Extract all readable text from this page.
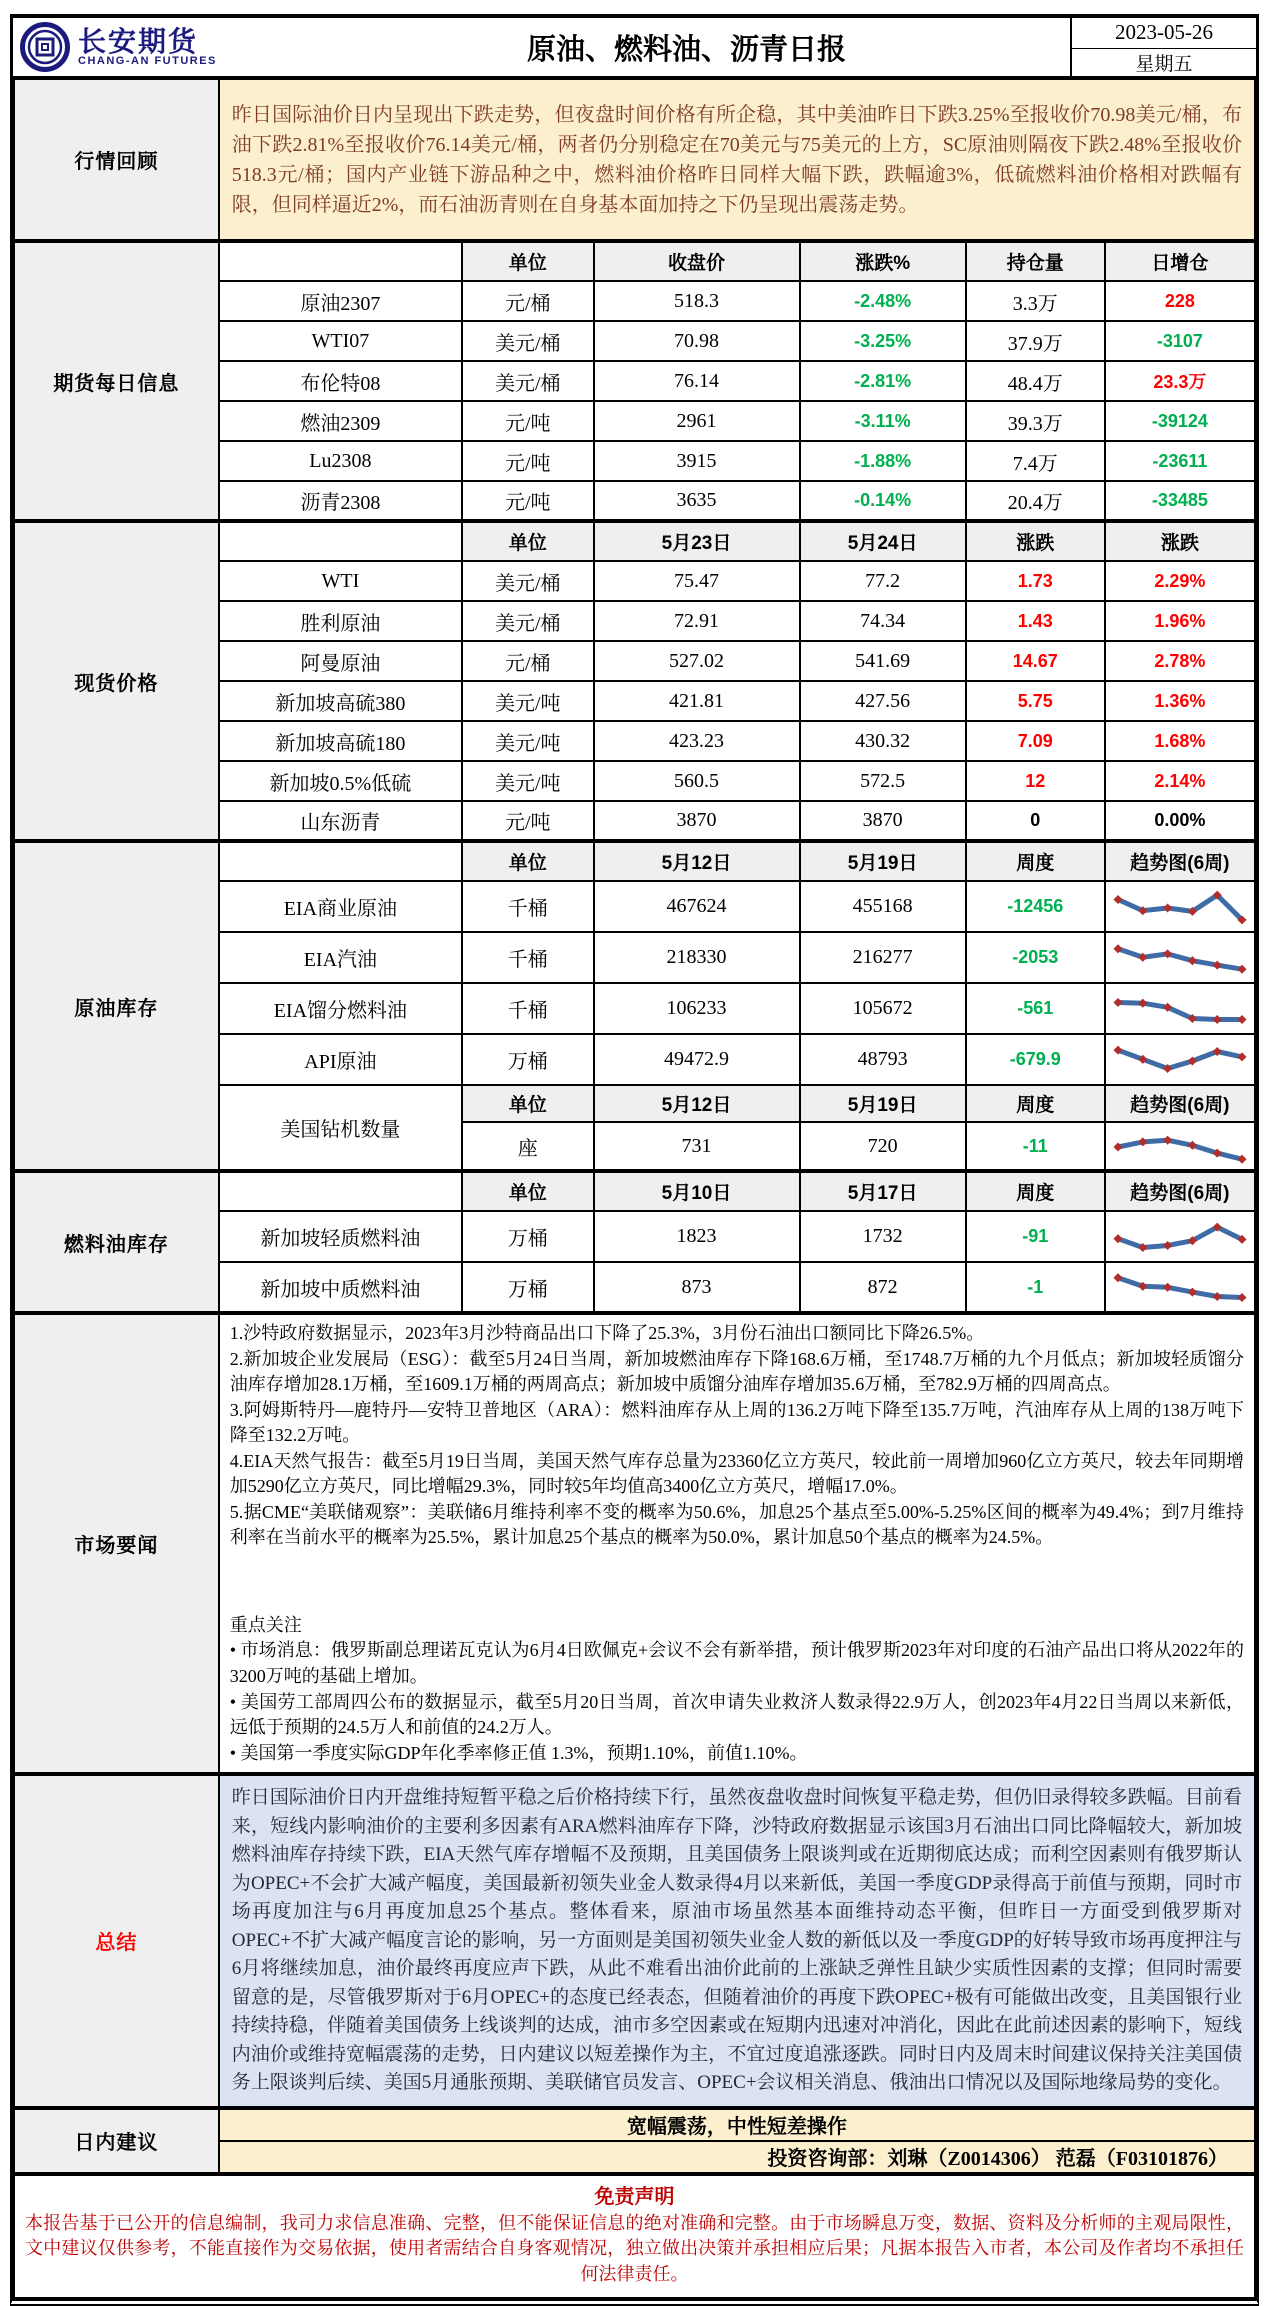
长安期货
CHANG-AN FUTURES	原油、燃料油、沥青日报
2023-05-26
星期五
行情回顾	昨日国际油价日内呈现出下跌走势，但夜盘时间价格有所企稳，其中美油昨日下跌3.25%至报收价70.98美元/桶，布油下跌2.81%至报收价76.14美元/桶，两者仍分别稳定在70美元与75美元的上方，SC原油则隔夜下跌2.48%至报收价518.3元/桶；国内产业链下游品种之中，燃料油价格昨日同样大幅下跌，跌幅逾3%，低硫燃料油价格相对跌幅有限，但同样逼近2%，而石油沥青则在自身基本面加持之下仍呈现出震荡走势。					
期货每日信息		单位	收盘价	涨跌%	持仓量	日增仓
	原油2307	元/桶	518.3	-2.48%	3.3万	228
	WTI07	美元/桶	70.98	-3.25%	37.9万	-3107
	布伦特08	美元/桶	76.14	-2.81%	48.4万	23.3万
	燃油2309	元/吨	2961	-3.11%	39.3万	-39124
	Lu2308	元/吨	3915	-1.88%	7.4万	-23611
	沥青2308	元/吨	3635	-0.14%	20.4万	-33485
现货价格		单位	5月23日	5月24日	涨跌	涨跌
	WTI	美元/桶	75.47	77.2	1.73	2.29%
	胜利原油	美元/桶	72.91	74.34	1.43	1.96%
	阿曼原油	元/桶	527.02	541.69	14.67	2.78%
	新加坡高硫380	美元/吨	421.81	427.56	5.75	1.36%
	新加坡高硫180	美元/吨	423.23	430.32	7.09	1.68%
	新加坡0.5%低硫	美元/吨	560.5	572.5	12	2.14%
	山东沥青	元/吨	3870	3870	0	0.00%
原油库存		单位	5月12日	5月19日	周度	趋势图(6周)
	EIA商业原油	千桶	467624	455168	-12456	

	EIA汽油	千桶	218330	216277	-2053	

	EIA馏分燃料油	千桶	106233	105672	-561	

	API原油	万桶	49472.9	48793	-679.9	

	美国钻机数量	单位	5月12日	5月19日	周度	趋势图(6周)
		座	731	720	-11	

燃料油库存		单位	5月10日	5月17日	周度	趋势图(6周)
	新加坡轻质燃料油	万桶	1823	1732	-91	

	新加坡中质燃料油	万桶	873	872	-1	

市场要闻	
1.沙特政府数据显示，2023年3月沙特商品出口下降了25.3%，3月份石油出口额同比下降26.5%。
2.新加坡企业发展局（ESG）：截至5月24日当周，新加坡燃油库存下降168.6万桶，至1748.7万桶的九个月低点；新加坡轻质馏分油库存增加28.1万桶，至1609.1万桶的两周高点；新加坡中质馏分油库存增加35.6万桶，至782.9万桶的四周高点。
3.阿姆斯特丹—鹿特丹—安特卫普地区（ARA）：燃料油库存从上周的136.2万吨下降至135.7万吨，汽油库存从上周的138万吨下降至132.2万吨。
4.EIA天然气报告：截至5月19日当周，美国天然气库存总量为23360亿立方英尺，较此前一周增加960亿立方英尺，较去年同期增加5290亿立方英尺，同比增幅29.3%，同时较5年均值高3400亿立方英尺，增幅17.0%。
5.据CME“美联储观察”：美联储6月维持利率不变的概率为50.6%，加息25个基点至5.00%-5.25%区间的概率为49.4%；到7月维持利率在当前水平的概率为25.5%，累计加息25个基点的概率为50.0%，累计加息50个基点的概率为24.5%。
重点关注
• 市场消息：俄罗斯副总理诺瓦克认为6月4日欧佩克+会议不会有新举措，预计俄罗斯2023年对印度的石油产品出口将从2022年的3200万吨的基础上增加。
• 美国劳工部周四公布的数据显示，截至5月20日当周，首次申请失业救济人数录得22.9万人，创2023年4月22日当周以来新低，远低于预期的24.5万人和前值的24.2万人。
• 美国第一季度实际GDP年化季率修正值 1.3%，预期1.10%，前值1.10%。

总结	昨日国际油价日内开盘维持短暂平稳之后价格持续下行，虽然夜盘收盘时间恢复平稳走势，但仍旧录得较多跌幅。目前看来，短线内影响油价的主要利多因素有ARA燃料油库存下降，沙特政府数据显示该国3月石油出口同比降幅较大，新加坡燃料油库存持续下跌，EIA天然气库存增幅不及预期，且美国债务上限谈判或在近期彻底达成；而利空因素则有俄罗斯认为OPEC+不会扩大减产幅度，美国最新初领失业金人数录得4月以来新低，美国一季度GDP录得高于前值与预期，同时市场再度加注与6月再度加息25个基点。整体看来，原油市场虽然基本面维持动态平衡，但昨日一方面受到俄罗斯对OPEC+不扩大减产幅度言论的影响，另一方面则是美国初领失业金人数的新低以及一季度GDP的好转导致市场再度押注与6月将继续加息，油价最终再度应声下跌，从此不难看出油价此前的上涨缺乏弹性且缺少实质性因素的支撑；但同时需要留意的是，尽管俄罗斯对于6月OPEC+的态度已经表态，但随着油价的再度下跌OPEC+极有可能做出改变，且美国银行业持续持稳，伴随着美国债务上线谈判的达成，油市多空因素或在短期内迅速对冲消化，因此在此前述因素的影响下，短线内油价或维持宽幅震荡的走势，日内建议以短差操作为主，不宜过度追涨逐跌。同时日内及周末时间建议保持关注美国债务上限谈判后续、美国5月通胀预期、美联储官员发言、OPEC+会议相关消息、俄油出口情况以及国际地缘局势的变化。					
日内建议	宽幅震荡，中性短差操作					
	投资咨询部：刘琳（Z0014306） 范磊（F03101876）					

免责声明
本报告基于已公开的信息编制，我司力求信息准确、完整，但不能保证信息的绝对准确和完整。由于市场瞬息万变，数据、资料及分析师的主观局限性，文中建议仅供参考，不能直接作为交易依据，使用者需结合自身客观情况，独立做出决策并承担相应后果；凡据本报告入市者，本公司及作者均不承担任何法律责任。						
